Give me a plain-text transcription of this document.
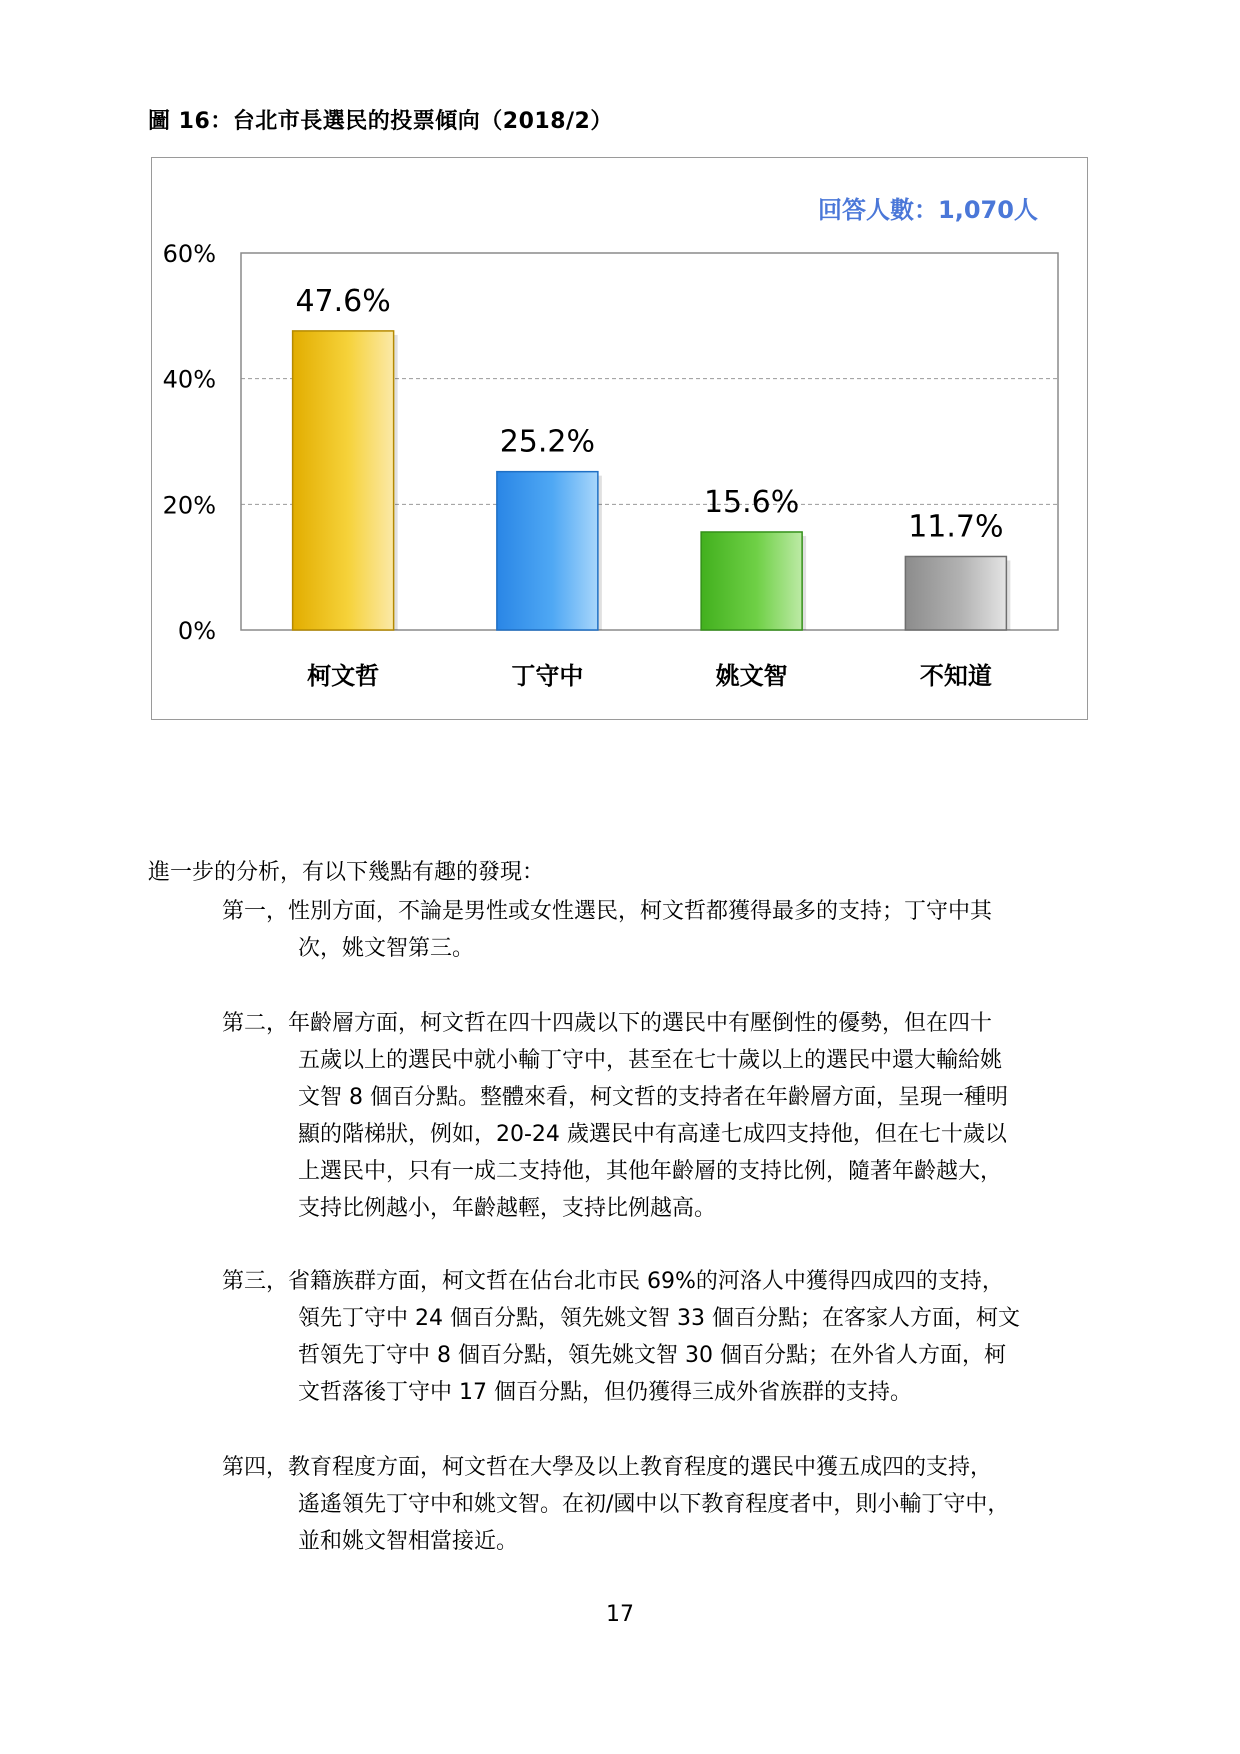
圖 16：台北市長選民的投票傾向（2018/2）
回答人數：1,070人
0%
20%
40%
60%
47.6%
柯文哲
25.2%
丁守中
15.6%
姚文智
11.7%
不知道
進一步的分析，有以下幾點有趣的發現：
第一，性別方面，不論是男性或女性選民，柯文哲都獲得最多的支持；丁守中其
次，姚文智第三。
第二，年齡層方面，柯文哲在四十四歲以下的選民中有壓倒性的優勢，但在四十
五歲以上的選民中就小輸丁守中，甚至在七十歲以上的選民中還大輸給姚
文智 8 個百分點。整體來看，柯文哲的支持者在年齡層方面，呈現一種明
顯的階梯狀，例如，20-24 歲選民中有高達七成四支持他，但在七十歲以
上選民中，只有一成二支持他，其他年齡層的支持比例，隨著年齡越大，
支持比例越小，年齡越輕，支持比例越高。
第三，省籍族群方面，柯文哲在佔台北市民 69%的河洛人中獲得四成四的支持，
領先丁守中 24 個百分點，領先姚文智 33 個百分點；在客家人方面，柯文
哲領先丁守中 8 個百分點，領先姚文智 30 個百分點；在外省人方面，柯
文哲落後丁守中 17 個百分點，但仍獲得三成外省族群的支持。
第四，教育程度方面，柯文哲在大學及以上教育程度的選民中獲五成四的支持，
遙遙領先丁守中和姚文智。在初/國中以下教育程度者中，則小輸丁守中，
並和姚文智相當接近。
17
